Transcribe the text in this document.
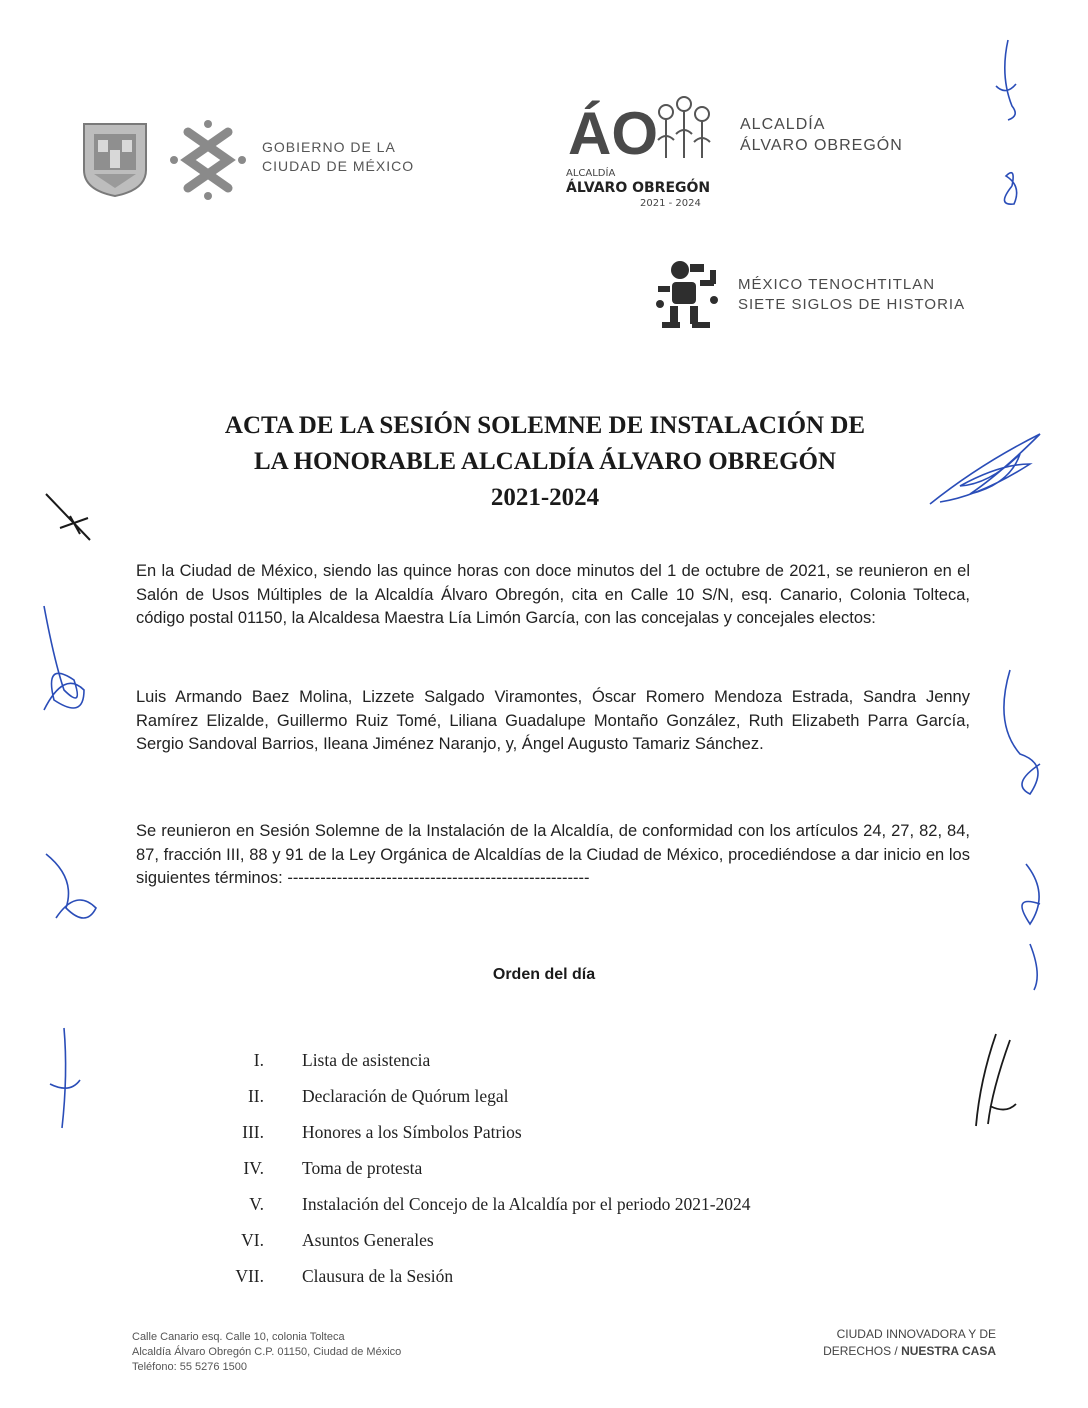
GOBIERNO DE LA
CIUDAD DE MÉXICO	ÁO
ALCALDÍA
ÁLVARO OBREGÓN
2021 - 2024
ALCALDÍA
ÁLVARO OBREGÓN
MÉXICO TENOCHTITLAN
SIETE SIGLOS DE HISTORIA
ACTA DE LA SESIÓN SOLEMNE DE INSTALACIÓN DE
LA HONORABLE ALCALDÍA ÁLVARO OBREGÓN
2021-2024

En la Ciudad de México, siendo las quince horas con doce minutos del 1 de octubre de 2021, se reunieron en el Salón de Usos Múltiples de la Alcaldía Álvaro Obregón, cita en Calle 10 S/N, esq. Canario, Colonia Tolteca, código postal 01150, la Alcaldesa Maestra Lía Limón García, con las concejalas y concejales electos:

Luis Armando Baez Molina, Lizzete Salgado Viramontes, Óscar Romero Mendoza Estrada, Sandra Jenny Ramírez Elizalde, Guillermo Ruiz Tomé, Liliana Guadalupe Montaño González, Ruth Elizabeth Parra García, Sergio Sandoval Barrios, Ileana Jiménez Naranjo, y, Ángel Augusto Tamariz Sánchez.

Se reunieron en Sesión Solemne de la Instalación de la Alcaldía, de conformidad con los artículos 24, 27, 82, 84, 87, fracción III, 88 y 91 de la Ley Orgánica de Alcaldías de la Ciudad de México, procediéndose a dar inicio en los siguientes términos: -------------------------------------------------------

Orden del día
I. Lista de asistencia
II. Declaración de Quórum legal
III. Honores a los Símbolos Patrios
IV. Toma de protesta
V. Instalación del Concejo de la Alcaldía por el periodo 2021-2024
VI. Asuntos Generales
VII. Clausura de la Sesión
Calle Canario esq. Calle 10, colonia Tolteca
Alcaldía Álvaro Obregón C.P. 01150, Ciudad de México
Teléfono: 55 5276 1500
CIUDAD INNOVADORA Y DE
DERECHOS / NUESTRA CASA
